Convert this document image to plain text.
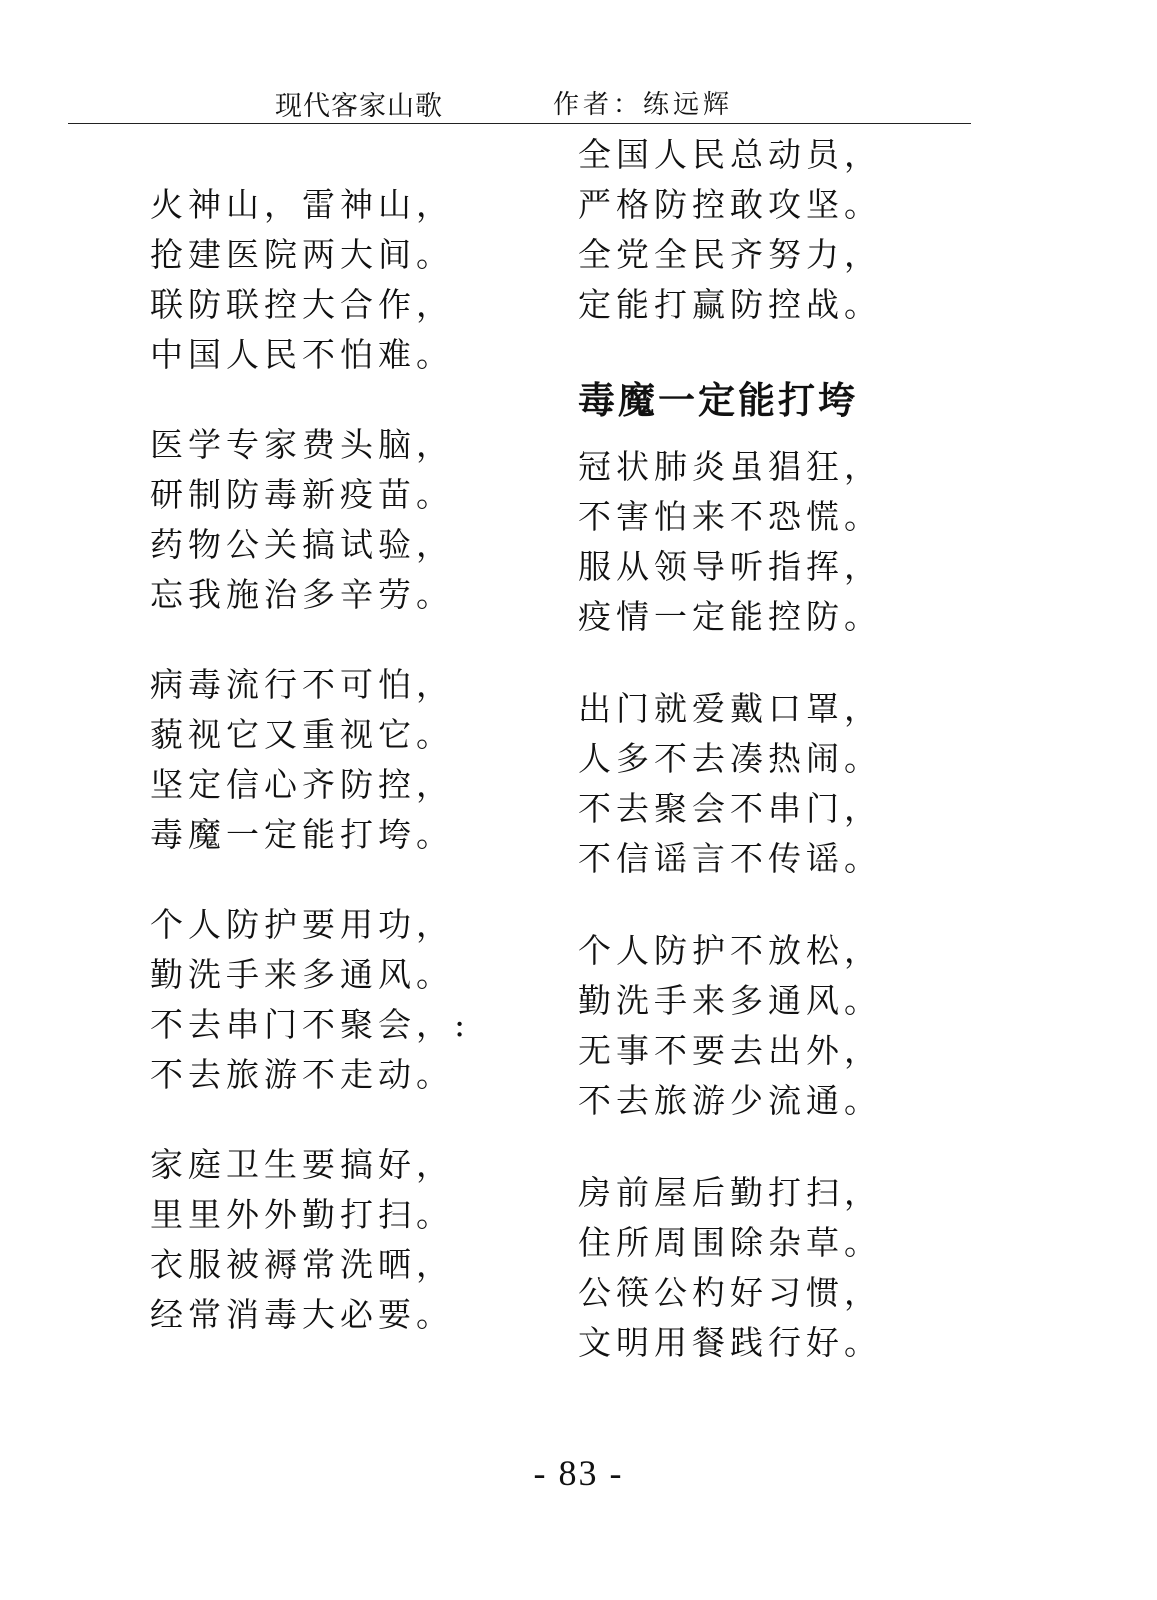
现代客家山歌	作者：练远辉
火神山，雷神山，
抢建医院两大间。
联防联控大合作，
中国人民不怕难。
医学专家费头脑，
研制防毒新疫苗。
药物公关搞试验，
忘我施治多辛劳。
病毒流行不可怕，
藐视它又重视它。
坚定信心齐防控，
毒魔一定能打垮。
个人防护要用功，
勤洗手来多通风。
不去串门不聚会，:
不去旅游不走动。
家庭卫生要搞好，
里里外外勤打扫。
衣服被褥常洗晒，
经常消毒大必要。
全国人民总动员，
严格防控敢攻坚。
全党全民齐努力，
定能打赢防控战。
毒魔一定能打垮
冠状肺炎虽猖狂，
不害怕来不恐慌。
服从领导听指挥，
疫情一定能控防。
出门就爱戴口罩，
人多不去凑热闹。
不去聚会不串门，
不信谣言不传谣。
个人防护不放松，
勤洗手来多通风。
无事不要去出外，
不去旅游少流通。
房前屋后勤打扫，
住所周围除杂草。
公筷公杓好习惯，
文明用餐践行好。
- 83 -
